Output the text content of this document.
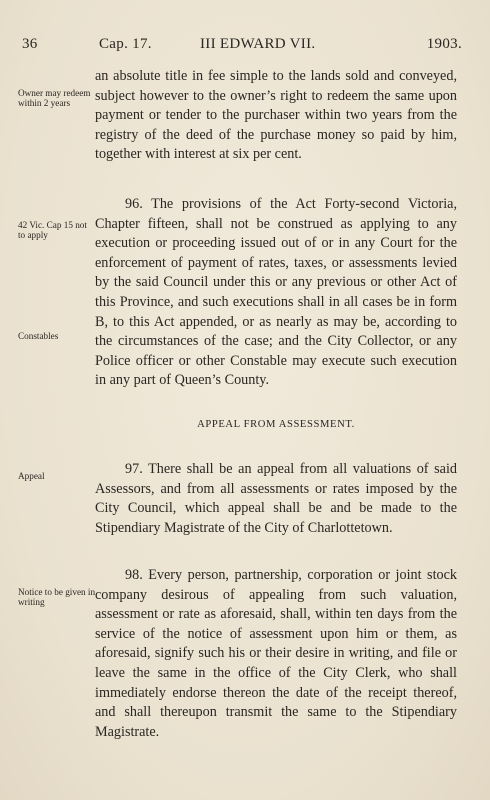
36	Cap. 17.	III EDWARD VII.	1903.
Owner may redeem within 2 years
42 Vic. Cap 15 not to apply
Constables
Appeal
Notice to be given in writing

an absolute title in fee simple to the lands sold and conveyed, subject however to the owner’s right to redeem the same upon payment or tender to the purchaser within two years from the registry of the deed of the purchase money so paid by him, together with interest at six per cent.

96. The provisions of the Act Forty-second Victoria, Chapter fifteen, shall not be construed as applying to any execution or proceeding issued out of or in any Court for the enforcement of payment of rates, taxes, or assessments levied by the said Council under this or any previous or other Act of this Province, and such executions shall in all cases be in form B, to this Act appended, or as nearly as may be, according to the circumstances of the case; and the City Collector, or any Police officer or other Constable may execute such execution in any part of Queen’s County.

APPEAL FROM ASSESSMENT.

97. There shall be an appeal from all valuations of said Assessors, and from all assessments or rates imposed by the City Council, which appeal shall be and be made to the Stipendiary Magistrate of the City of Charlottetown.

98. Every person, partnership, corporation or joint stock company desirous of appealing from such valuation, assessment or rate as aforesaid, shall, within ten days from the service of the notice of assessment upon him or them, as aforesaid, signify such his or their desire in writing, and file or leave the same in the office of the City Clerk, who shall immediately endorse thereon the date of the receipt thereof, and shall thereupon transmit the same to the Stipendiary Magistrate.
